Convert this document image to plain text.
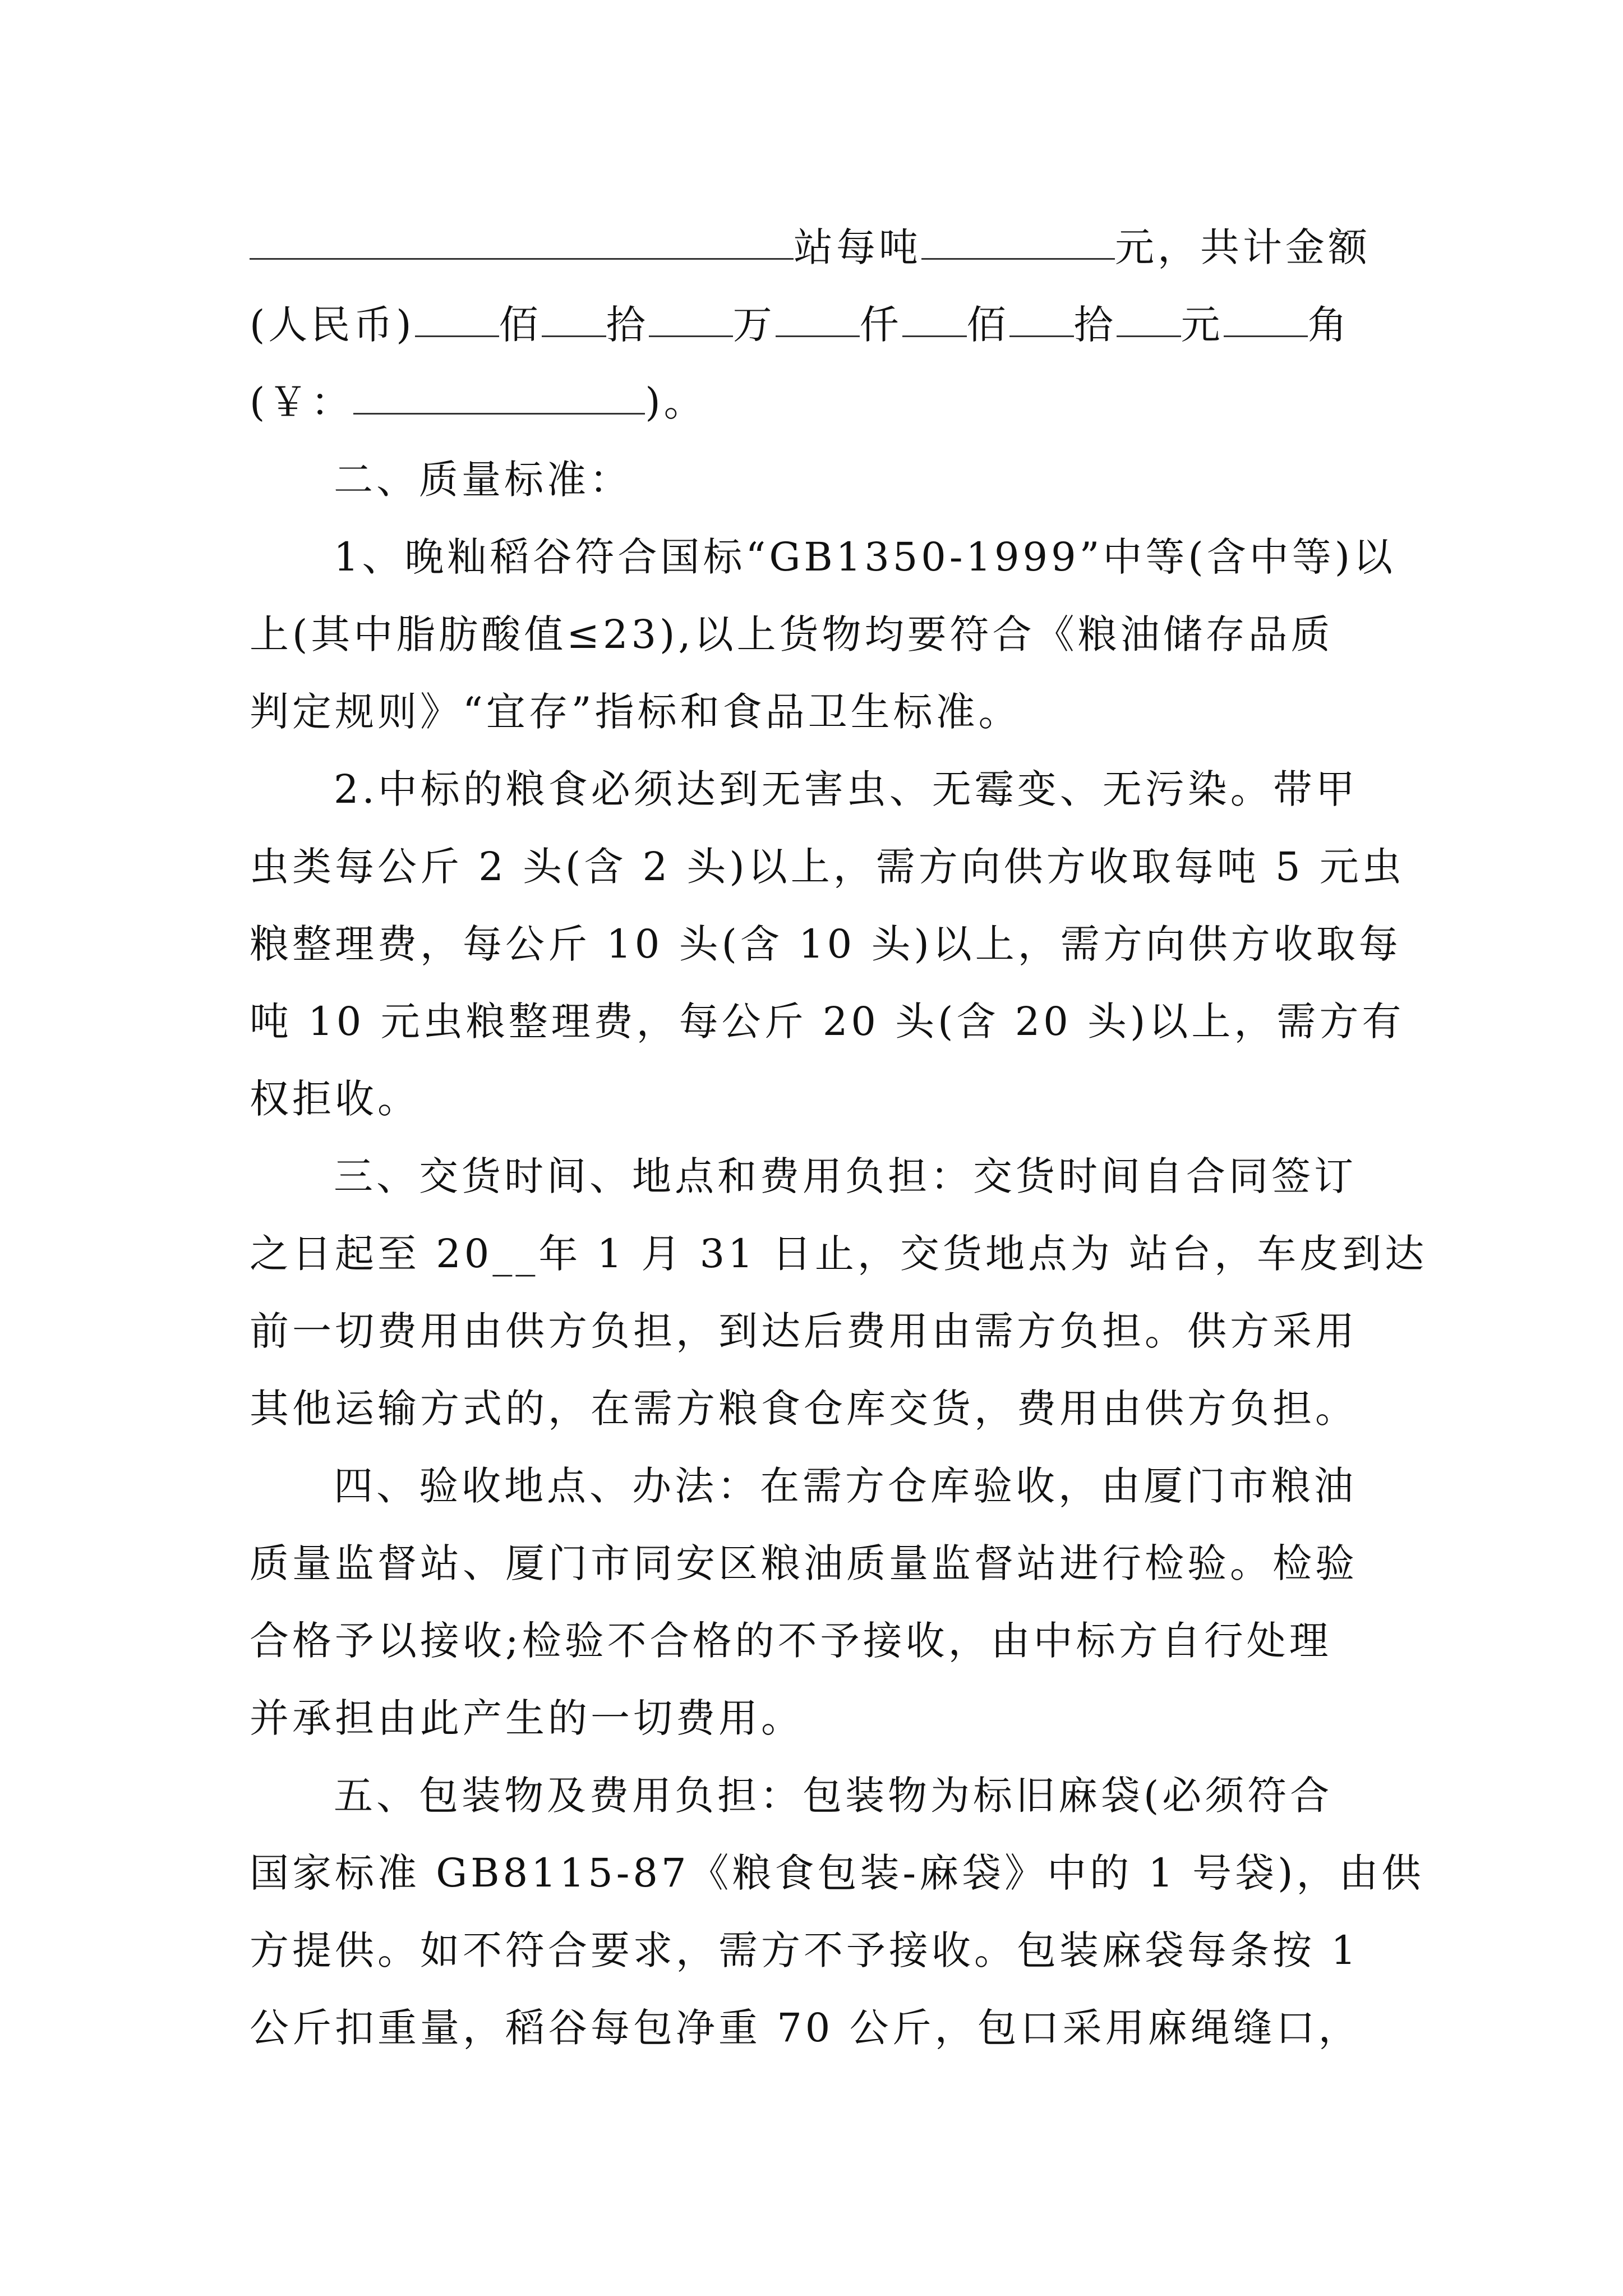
站每吨	元，共计金额
(人民币) 佰 拾 万 仟 佰 拾 元 角
(￥：	)。
二、质量标准：
1、晚籼稻谷符合国标“GB1350-1999”中等(含中等)以
上(其中脂肪酸值≤23),以上货物均要符合《粮油储存品质
判定规则》“宜存”指标和食品卫生标准。
2.中标的粮食必须达到无害虫、无霉变、无污染。带甲
虫类每公斤 2 头(含 2 头)以上，需方向供方收取每吨 5 元虫
粮整理费，每公斤 10 头(含 10 头)以上，需方向供方收取每
吨 10 元虫粮整理费，每公斤 20 头(含 20 头)以上，需方有
权拒收。
三、交货时间、地点和费用负担：交货时间自合同签订
之日起至 20__年 1 月 31 日止，交货地点为 站台，车皮到达
前一切费用由供方负担，到达后费用由需方负担。供方采用
其他运输方式的，在需方粮食仓库交货，费用由供方负担。
四、验收地点、办法：在需方仓库验收，由厦门市粮油
质量监督站、厦门市同安区粮油质量监督站进行检验。检验
合格予以接收;检验不合格的不予接收，由中标方自行处理
并承担由此产生的一切费用。
五、包装物及费用负担：包装物为标旧麻袋(必须符合
国家标准 GB8115-87《粮食包装-麻袋》中的 1 号袋)，由供
方提供。如不符合要求，需方不予接收。包装麻袋每条按 1
公斤扣重量，稻谷每包净重 70 公斤，包口采用麻绳缝口，
